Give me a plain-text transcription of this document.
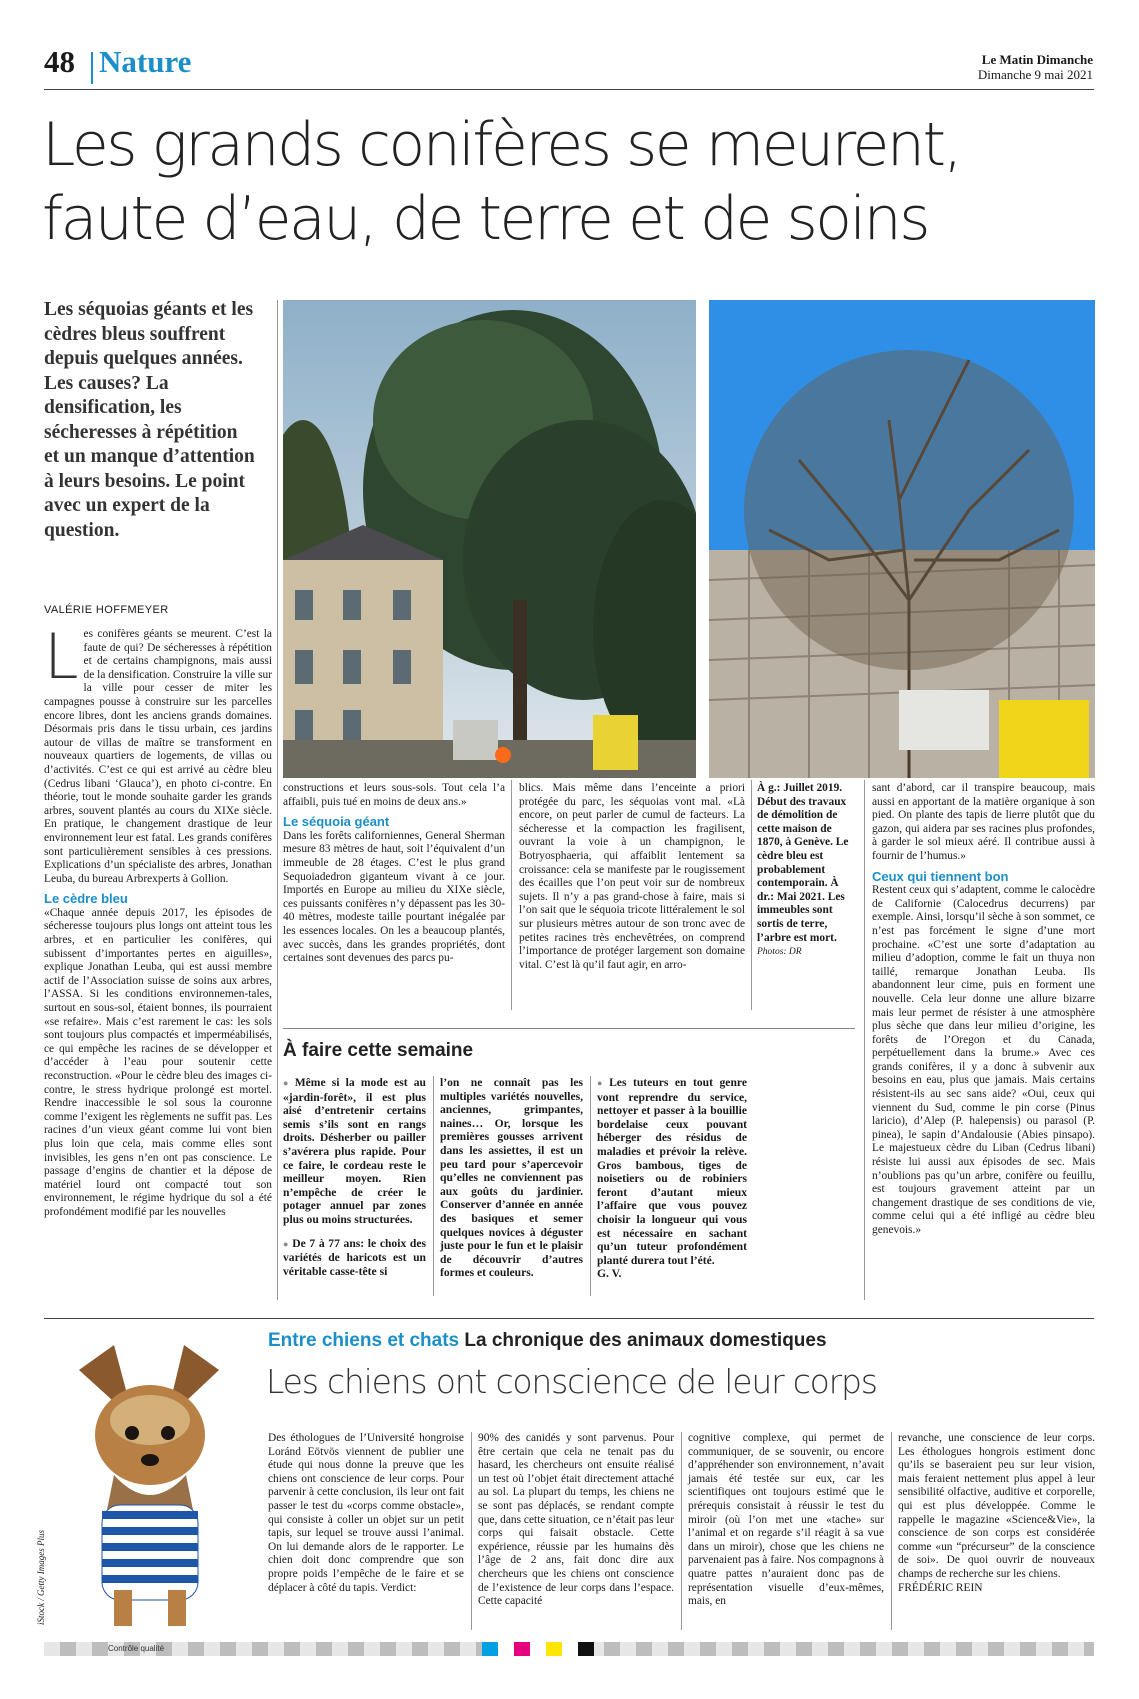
48 Nature	Le Matin Dimanche
Dimanche 9 mai 2021
Les grands conifères se meurent,
faute d’eau, de terre et de soins
Les séquoias géants et les cèdres bleus souffrent depuis quelques années. Les causes? La densification, les sécheresses à répétition et un manque d’attention à leurs besoins. Le point avec un expert de la question.
VALÉRIE HOFFMEYER
L es conifères géants se meurent. C’est la faute de qui? De sécheresses à répétition et de certains champignons, mais aussi de la densification. Construire la ville sur la ville pour cesser de miter les campagnes pousse à construire sur les parcelles encore libres, dont les anciens grands domaines. Désormais pris dans le tissu urbain, ces jardins autour de villas de maître se transforment en nouveaux quartiers de logements, de villas ou d’activités. C’est ce qui est arrivé au cèdre bleu (Cedrus libani ‘Glauca’), en photo ci-contre. En théorie, tout le monde souhaite garder les grands arbres, souvent plantés au cours du XIXe siècle. En pratique, le changement drastique de leur environnement leur est fatal. Les grands conifères sont particulièrement sensibles à ces pressions. Explications d’un spécialiste des arbres, Jonathan Leuba, du bureau Arbrexperts à Gollion.
Le cèdre bleu

«Chaque année depuis 2017, les épisodes de sécheresse toujours plus longs ont atteint tous les arbres, et en particulier les conifères, qui subissent d’importantes pertes en aiguilles», explique Jonathan Leuba, qui est aussi membre actif de l’Association suisse de soins aux arbres, l’ASSA. Si les conditions environnemen-tales, surtout en sous-sol, étaient bonnes, ils pourraient «se refaire». Mais c’est rarement le cas: les sols sont toujours plus compactés et imperméabilisés, ce qui empêche les racines de se développer et d’accéder à l’eau pour soutenir cette reconstruction. «Pour le cèdre bleu des images ci-contre, le stress hydrique prolongé est mortel. Rendre inaccessible le sol sous la couronne comme l’exigent les règlements ne suffit pas. Les racines d’un vieux géant comme lui vont bien plus loin que cela, mais comme elles sont invisibles, les gens n’en ont pas conscience. Le passage d’engins de chantier et la dépose de matériel lourd ont compacté tout son environnement, le régime hydrique du sol a été profondément modifié par les nouvelles

constructions et leurs sous-sols. Tout cela l’a affaibli, puis tué en moins de deux ans.»

Le séquoia géant

Dans les forêts californiennes, General Sherman mesure 83 mètres de haut, soit l’équivalent d’un immeuble de 28 étages. C’est le plus grand Sequoiadedron giganteum vivant à ce jour. Importés en Europe au milieu du XIXe siècle, ces puissants conifères n’y dépassent pas les 30-40 mètres, modeste taille pourtant inégalée par les essences locales. On les a beaucoup plantés, avec succès, dans les grandes propriétés, dont certaines sont devenues des parcs pu-

blics. Mais même dans l’enceinte a priori protégée du parc, les séquoias vont mal. «Là encore, on peut parler de cumul de facteurs. La sécheresse et la compaction les fragilisent, ouvrant la voie à un champignon, le Botryosphaeria, qui affaiblit lentement sa croissance: cela se manifeste par le rougissement des écailles que l’on peut voir sur de nombreux sujets. Il n’y a pas grand-chose à faire, mais si l’on sait que le séquoia tricote littéralement le sol sur plusieurs mètres autour de son tronc avec de petites racines très enchevêtrées, on comprend l’importance de protéger largement son domaine vital. C’est là qu’il faut agir, en arro-

À g.: Juillet 2019. Début des travaux de démolition de cette maison de 1870, à Genève. Le cèdre bleu est probablement contemporain. À dr.: Mai 2021. Les immeubles sont sortis de terre, l’arbre est mort. Photos: DR

sant d’abord, car il transpire beaucoup, mais aussi en apportant de la matière organique à son pied. On plante des tapis de lierre plutôt que du gazon, qui aidera par ses racines plus profondes, à garder le sol mieux aéré. Il contribue aussi à fournir de l’humus.»

Ceux qui tiennent bon

Restent ceux qui s’adaptent, comme le calocèdre de Californie (Calocedrus decurrens) par exemple. Ainsi, lorsqu’il sèche à son sommet, ce n’est pas forcément le signe d’une mort prochaine. «C’est une sorte d’adaptation au milieu d’adoption, comme le fait un thuya non taillé, remarque Jonathan Leuba. Ils abandonnent leur cime, puis en forment une nouvelle. Cela leur donne une allure bizarre mais leur permet de résister à une atmosphère plus sèche que dans leur milieu d’origine, les forêts de l’Oregon et du Canada, perpétuellement dans la brume.» Avec ces grands conifères, il y a donc à subvenir aux besoins en eau, plus que jamais. Mais certains résistent-ils au sec sans aide? «Oui, ceux qui viennent du Sud, comme le pin corse (Pinus laricio), d’Alep (P. halepensis) ou parasol (P. pinea), le sapin d’Andalousie (Abies pinsapo). Le majestueux cèdre du Liban (Cedrus libani) résiste lui aussi aux épisodes de sec. Mais n’oublions pas qu’un arbre, conifère ou feuillu, est toujours gravement atteint par un changement drastique de ses conditions de vie, comme celui qui a été infligé au cèdre bleu genevois.»

À faire cette semaine

● Même si la mode est au «jardin-forêt», il est plus aisé d’entretenir certains semis s’ils sont en rangs droits. Désherber ou pailler s’avérera plus rapide. Pour ce faire, le cordeau reste le meilleur moyen. Rien n’empêche de créer le potager annuel par zones plus ou moins structurées.

● De 7 à 77 ans: le choix des variétés de haricots est un véritable casse-tête si

l’on ne connaît pas les multiples variétés nouvelles, anciennes, grimpantes, naines… Or, lorsque les premières gousses arrivent dans les assiettes, il est un peu tard pour s’apercevoir qu’elles ne conviennent pas aux goûts du jardinier. Conserver d’année en année des basiques et semer quelques novices à déguster juste pour le fun et le plaisir de découvrir d’autres formes et couleurs.

● Les tuteurs en tout genre vont reprendre du service, nettoyer et passer à la bouillie bordelaise ceux pouvant héberger des résidus de maladies et prévoir la relève. Gros bambous, tiges de noisetiers ou de robiniers feront d’autant mieux l’affaire que vous pouvez choisir la longueur qui vous est nécessaire en sachant qu’un tuteur profondément planté durera tout l’été.

G. V.

iStock / Getty Images Plus
Entre chiens et chats La chronique des animaux domestiques
Les chiens ont conscience de leur corps

Des éthologues de l’Université hongroise Loránd Eötvös viennent de publier une étude qui nous donne la preuve que les chiens ont conscience de leur corps. Pour parvenir à cette conclusion, ils leur ont fait passer le test du «corps comme obstacle», qui consiste à coller un objet sur un petit tapis, sur lequel se trouve aussi l’animal. On lui demande alors de le rapporter. Le chien doit donc comprendre que son propre poids l’empêche de le faire et se déplacer à côté du tapis. Verdict:

90% des canidés y sont parvenus. Pour être certain que cela ne tenait pas du hasard, les chercheurs ont ensuite réalisé un test où l’objet était directement attaché au sol. La plupart du temps, les chiens ne se sont pas déplacés, se rendant compte que, dans cette situation, ce n’était pas leur corps qui faisait obstacle. Cette expérience, réussie par les humains dès l’âge de 2 ans, fait donc dire aux chercheurs que les chiens ont conscience de l’existence de leur corps dans l’espace. Cette capacité

cognitive complexe, qui permet de communiquer, de se souvenir, ou encore d’appréhender son environnement, n’avait jamais été testée sur eux, car les scientifiques ont toujours estimé que le prérequis consistait à réussir le test du miroir (où l’on met une «tache» sur l’animal et on regarde s’il réagit à sa vue dans un miroir), chose que les chiens ne parvenaient pas à faire. Nos compagnons à quatre pattes n’auraient donc pas de représentation visuelle d’eux-mêmes, mais, en

revanche, une conscience de leur corps. Les éthologues hongrois estiment donc qu’ils se baseraient peu sur leur vision, mais feraient nettement plus appel à leur sensibilité olfactive, auditive et corporelle, qui est plus développée. Comme le rappelle le magazine «Science&Vie», la conscience de son corps est considérée comme «un “précurseur” de la conscience de soi». De quoi ouvrir de nouveaux champs de recherche sur les chiens.

FRÉDÉRIC REIN

Contrôle qualité
